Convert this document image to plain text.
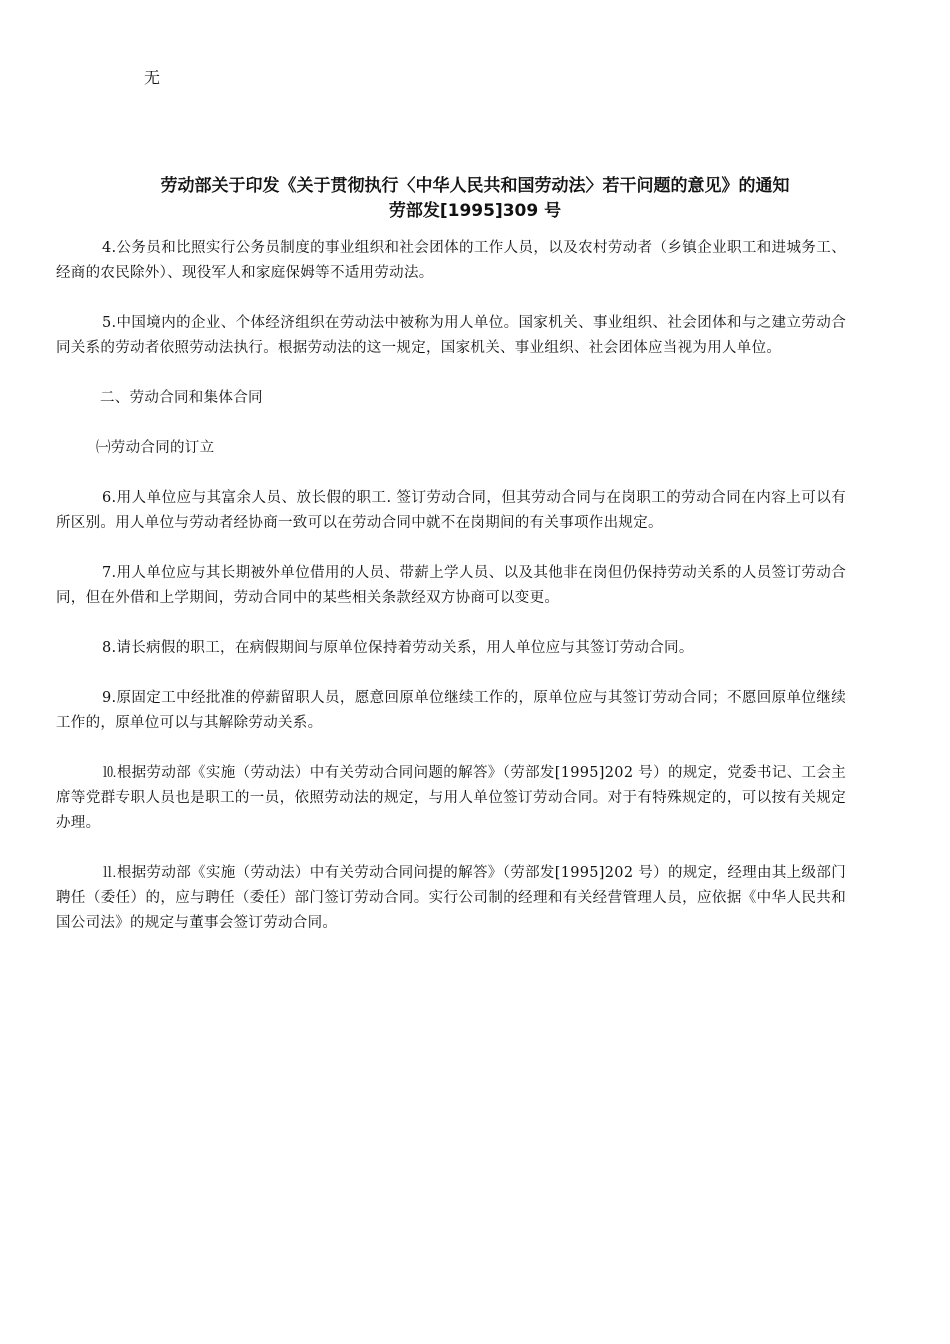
无
劳动部关于印发《关于贯彻执行〈中华人民共和国劳动法〉若干问题的意见》的通知
劳部发[1995]309 号

4.公务员和比照实行公务员制度的事业组织和社会团体的工作人员，以及农村劳动者（乡镇企业职工和进城务工、经商的农民除外）、现役军人和家庭保姆等不适用劳动法。

5.中国境内的企业、个体经济组织在劳动法中被称为用人单位。国家机关、事业组织、社会团体和与之建立劳动合同关系的劳动者依照劳动法执行。根据劳动法的这一规定，国家机关、事业组织、社会团体应当视为用人单位。

二、劳动合同和集体合同

㈠劳动合同的订立

6.用人单位应与其富余人员、放长假的职工. 签订劳动合同，但其劳动合同与在岗职工的劳动合同在内容上可以有所区别。用人单位与劳动者经协商一致可以在劳动合同中就不在岗期间的有关事项作出规定。

7.用人单位应与其长期被外单位借用的人员、带薪上学人员、以及其他非在岗但仍保持劳动关系的人员签订劳动合同，但在外借和上学期间，劳动合同中的某些相关条款经双方协商可以变更。

8.请长病假的职工，在病假期间与原单位保持着劳动关系，用人单位应与其签订劳动合同。

9.原固定工中经批准的停薪留职人员，愿意回原单位继续工作的，原单位应与其签订劳动合同；不愿回原单位继续工作的，原单位可以与其解除劳动关系。

⒑根据劳动部《实施（劳动法）中有关劳动合同问题的解答》（劳部发[1995]202 号）的规定，党委书记、工会主席等党群专职人员也是职工的一员，依照劳动法的规定，与用人单位签订劳动合同。对于有特殊规定的，可以按有关规定办理。

⒒根据劳动部《实施（劳动法）中有关劳动合同问提的解答》（劳部发[1995]202 号）的规定，经理由其上级部门聘任（委任）的，应与聘任（委任）部门签订劳动合同。实行公司制的经理和有关经营管理人员，应依据《中华人民共和国公司法》的规定与董事会签订劳动合同。
